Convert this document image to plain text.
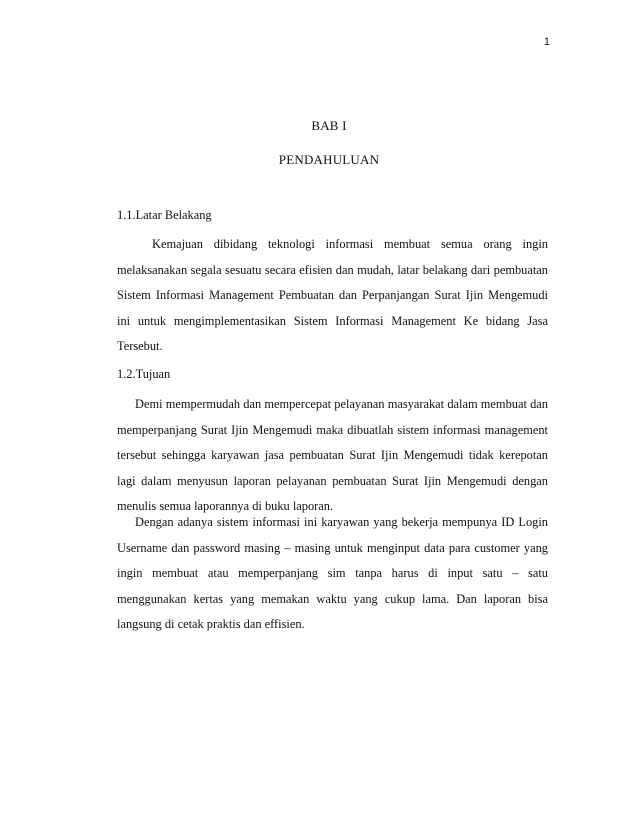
1
BAB I
PENDAHULUAN
1.1.Latar Belakang

Kemajuan dibidang teknologi informasi membuat semua orang ingin melaksanakan segala sesuatu secara efisien dan mudah, latar belakang dari pembuatan Sistem Informasi Management Pembuatan dan Perpanjangan Surat Ijin Mengemudi ini untuk mengimplementasikan Sistem Informasi Management Ke bidang Jasa Tersebut.

1.2.Tujuan

Demi mempermudah dan mempercepat pelayanan masyarakat dalam membuat dan memperpanjang Surat Ijin Mengemudi maka dibuatlah sistem informasi management tersebut sehingga karyawan jasa pembuatan Surat Ijin Mengemudi tidak kerepotan lagi dalam menyusun laporan pelayanan pembuatan Surat Ijin Mengemudi dengan menulis semua laporannya di buku laporan.

Dengan adanya sistem informasi ini karyawan yang bekerja mempunya ID Login Username dan password masing – masing untuk menginput data para customer yang ingin membuat atau memperpanjang sim tanpa harus di input satu – satu menggunakan kertas yang memakan waktu yang cukup lama. Dan laporan bisa langsung di cetak praktis dan effisien.
